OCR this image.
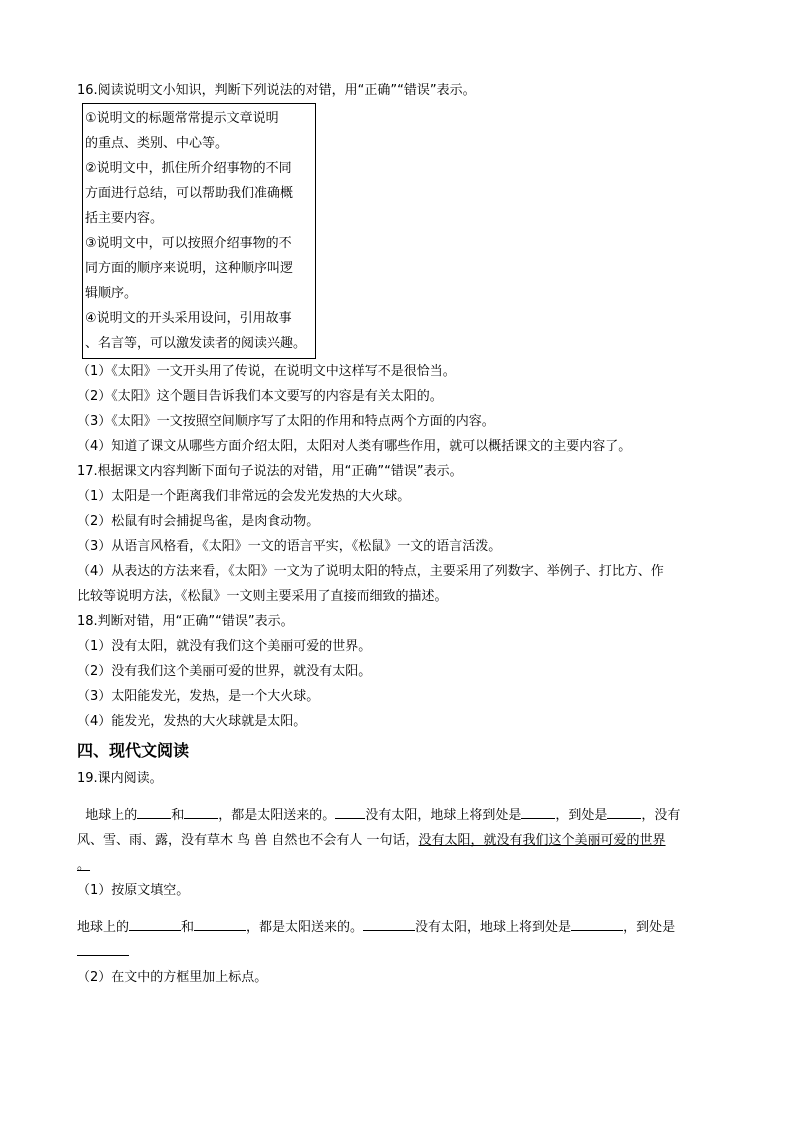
16.阅读说明文小知识，判断下列说法的对错，用“正确”“错误”表示。
①说明文的标题常常提示文章说明
的重点、类别、中心等。
②说明文中，抓住所介绍事物的不同
方面进行总结，可以帮助我们准确概
括主要内容。
③说明文中，可以按照介绍事物的不
同方面的顺序来说明，这种顺序叫逻
辑顺序。
④说明文的开头采用设问，引用故事
、名言等，可以激发读者的阅读兴趣。
（1）《太阳》一文开头用了传说，在说明文中这样写不是很恰当。
（2）《太阳》这个题目告诉我们本文要写的内容是有关太阳的。
（3）《太阳》一文按照空间顺序写了太阳的作用和特点两个方面的内容。
（4）知道了课文从哪些方面介绍太阳，太阳对人类有哪些作用，就可以概括课文的主要内容了。
17.根据课文内容判断下面句子说法的对错，用“正确”“错误”表示。
（1）太阳是一个距离我们非常远的会发光发热的大火球。
（2）松鼠有时会捕捉鸟雀，是肉食动物。
（3）从语言风格看，《太阳》一文的语言平实，《松鼠》一文的语言活泼。
（4）从表达的方法来看，《太阳》一文为了说明太阳的特点，主要采用了列数字、举例子、打比方、作
比较等说明方法，《松鼠》一文则主要采用了直接而细致的描述。
18.判断对错，用“正确”“错误”表示。
（1）没有太阳，就没有我们这个美丽可爱的世界。
（2）没有我们这个美丽可爱的世界，就没有太阳。
（3）太阳能发光，发热，是一个大火球。
（4）能发光，发热的大火球就是太阳。
四、现代文阅读
19.课内阅读。
地球上的	和	，都是太阳送来的。 没有太阳，地球上将到处是	，到处是	，没有
风、雪、雨、露，没有草木 鸟 兽 自然也不会有人 一句话，没有太阳，就没有我们这个美丽可爱的世界
。
（1）按原文填空。
地球上的	和	，都是太阳送来的。	没有太阳，地球上将到处是	，到处是
（2）在文中的方框里加上标点。
